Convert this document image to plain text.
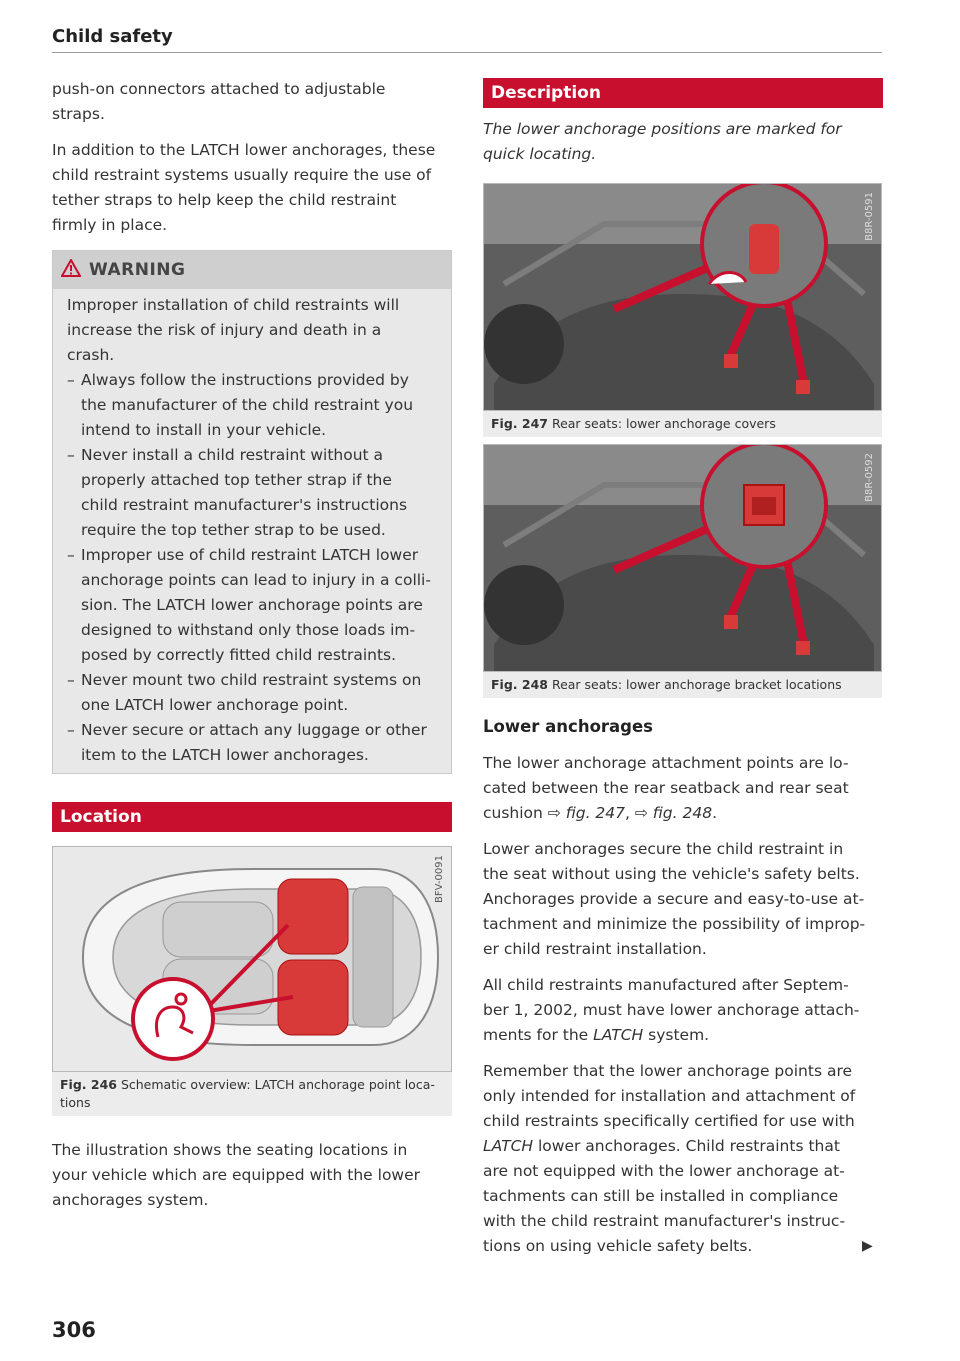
Child safety

push-on connectors attached to adjustable

straps.

In addition to the LATCH lower anchorages, these

child restraint systems usually require the use of

tether straps to help keep the child restraint

firmly in place.

WARNING

Improper installation of child restraints will

increase the risk of injury and death in a

crash.

– Always follow the instructions provided by
the manufacturer of the child restraint you
intend to install in your vehicle.
– Never install a child restraint without a
properly attached top tether strap if the
child restraint manufacturer's instructions
require the top tether strap to be used.
– Improper use of child restraint LATCH lower
anchorage points can lead to injury in a colli-
sion. The LATCH lower anchorage points are
designed to withstand only those loads im-
posed by correctly fitted child restraints.
– Never mount two child restraint systems on
one LATCH lower anchorage point.
– Never secure or attach any luggage or other
item to the LATCH lower anchorages.
Location
BFV-0091
Fig. 246 Schematic overview: LATCH anchorage point loca-
tions

The illustration shows the seating locations in

your vehicle which are equipped with the lower

anchorages system.

306
Description

The lower anchorage positions are marked for

quick locating.

B8R-0591
Fig. 247 Rear seats: lower anchorage covers
B8R-0592
Fig. 248 Rear seats: lower anchorage bracket locations
Lower anchorages

The lower anchorage attachment points are lo-

cated between the rear seatback and rear seat

cushion ⇨ fig. 247, ⇨ fig. 248.

Lower anchorages secure the child restraint in

the seat without using the vehicle's safety belts.

Anchorages provide a secure and easy-to-use at-

tachment and minimize the possibility of improp-

er child restraint installation.

All child restraints manufactured after Septem-

ber 1, 2002, must have lower anchorage attach-

ments for the LATCH system.

Remember that the lower anchorage points are

only intended for installation and attachment of

child restraints specifically certified for use with

LATCH lower anchorages. Child restraints that

are not equipped with the lower anchorage at-

tachments can still be installed in compliance

with the child restraint manufacturer's instruc-

tions on using vehicle safety belts.	▶
